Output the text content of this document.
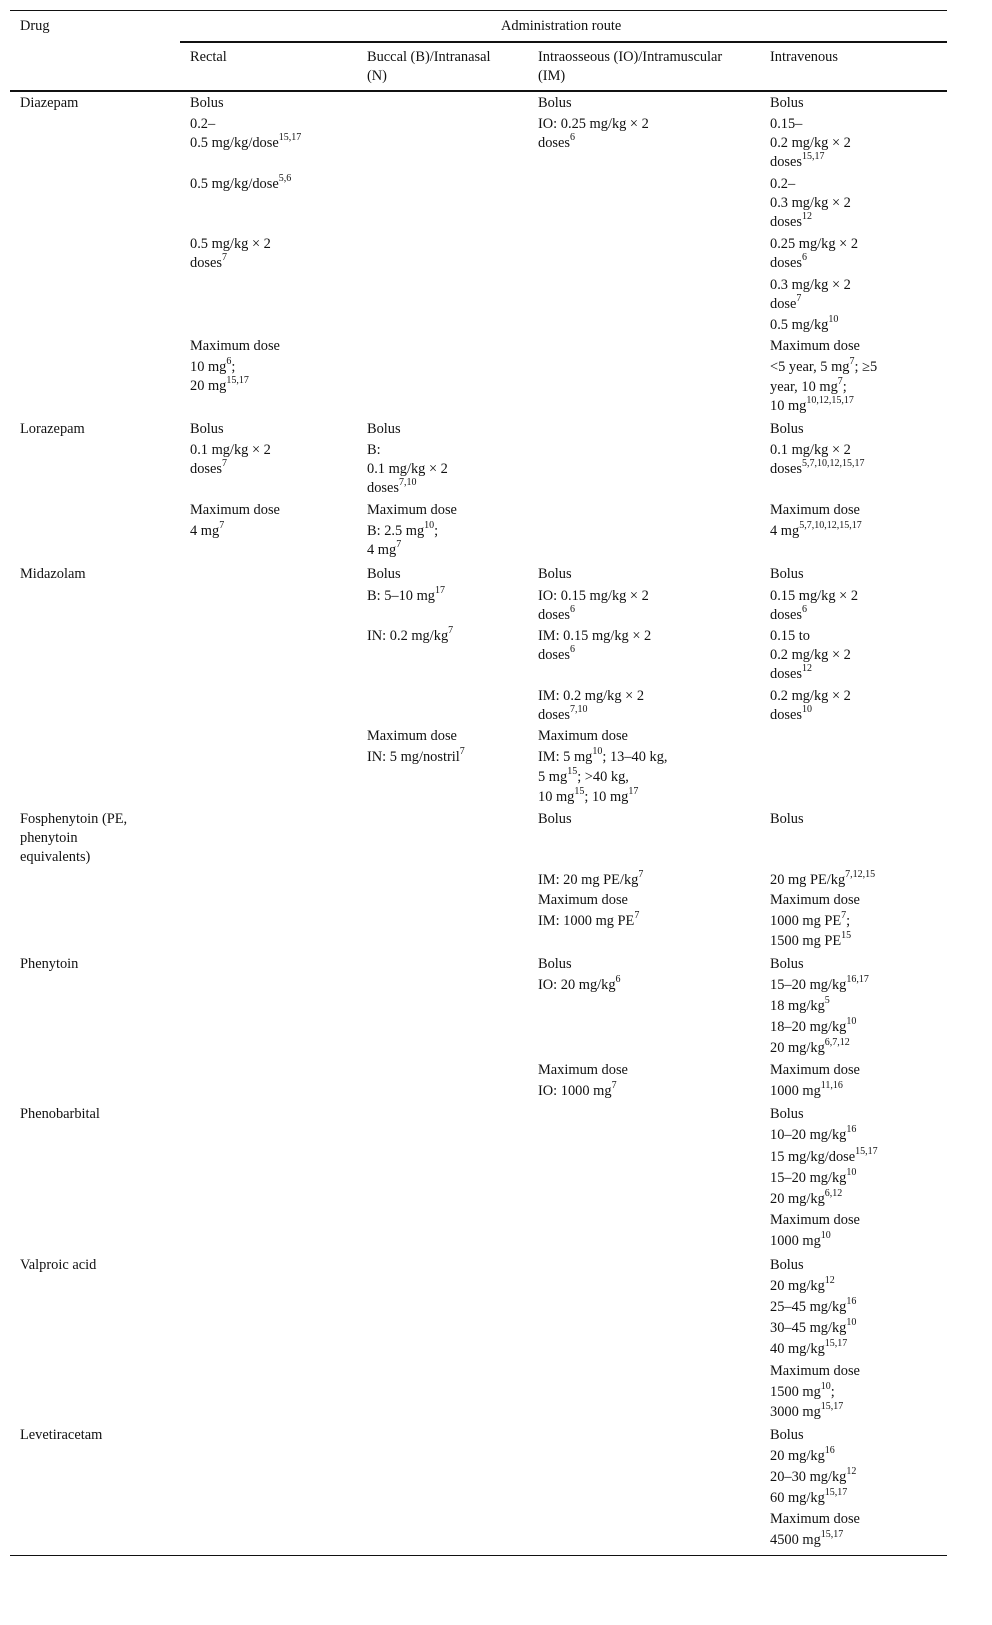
Drug	Administration route
Rectal	Buccal (B)/Intranasal
(N)
Intraosseous (IO)/Intramuscular
(IM)
Intravenous
Diazepam
Lorazepam
Midazolam
Fosphenytoin (PE,
phenytoin
equivalents)
Phenytoin
Phenobarbital
Valproic acid
Levetiracetam
Bolus
0.2–
0.5 mg/kg/dose$^{15,17}$
0.5 mg/kg/dose$^{5,6}$
0.5 mg/kg × 2
doses$^7$
Maximum dose
10 $mg^6$;
20 mg$^{15,17}$
Bolus
IO: 0.25 mg/kg × 2
doses$^6$
Bolus
0.15–
0.2 mg/kg × 2
doses$^{15,17}$
0.2–
0.3 mg/kg × 2
doses$^{12}$
0.25 mg/kg × 2
doses$^6$
0.3 mg/kg × 2
dose$^7$
0.5 $mg/kg^{10}$
Maximum dose
<5 year, 5 $mg^7$; ≥5
year, 10 $mg^7$;
10 mg$^{10,12,15,17}$
Bolus
0.1 mg/kg × 2
doses$^7$
Maximum dose
4 $mg^7$
Bolus
B:
0.1 mg/kg × 2
doses$^{7,10}$
Maximum dose
B: 2.5 $mg^{10}$;
4 $mg^7$
Bolus
0.1 mg/kg × 2
doses$^{5,7,10,12,15,17}$
Maximum dose
4 mg$^{5,7,10,12,15,17}$
Bolus
B: 5–10 $mg^{17}$
IN: 0.2 $mg/kg^7$
Maximum dose
IN: 5 mg/nostril$^7$
Bolus
IO: 0.15 mg/kg × 2
doses$^6$
IM: 0.15 mg/kg × 2
doses$^6$
IM: 0.2 mg/kg × 2
doses$^{7,10}$
Maximum dose
IM: 5 $mg^{10}$; 13–40 kg,
5 $mg^{15}$; >40 kg,
10 $mg^{15}$; 10 $mg^{17}$
Bolus
0.15 mg/kg × 2
doses$^6$
0.15 to
0.2 mg/kg × 2
doses$^{12}$
0.2 mg/kg × 2
doses$^{10}$
Bolus
IM: 20 mg $PE/kg^7$
Maximum dose
IM: 1000 mg $PE^7$
Bolus
20 mg PE/kg$^{7,12,15}$
Maximum dose
1000 mg $PE^7$;
1500 mg PE$^{15}$
Bolus
IO: 20 $mg/kg^6$
Maximum dose
IO: 1000 $mg^7$
Bolus
15–20 mg/kg$^{16,17}$
18 $mg/kg^5$
18–20 $mg/kg^{10}$
20 mg/kg$^{6,7,12}$
Maximum dose
1000 mg$^{11,16}$
Bolus
10–20 $mg/kg^{16}$
15 mg/kg/dose$^{15,17}$
15–20 $mg/kg^{10}$
20 mg/kg$^{6,12}$
Maximum dose
1000 $mg^{10}$
Bolus
20 $mg/kg^{12}$
25–45 $mg/kg^{16}$
30–45 $mg/kg^{10}$
40 mg/kg$^{15,17}$
Maximum dose
1500 $mg^{10}$;
3000 mg$^{15,17}$
Bolus
20 $mg/kg^{16}$
20–30 $mg/kg^{12}$
60 mg/kg$^{15,17}$
Maximum dose
4500 mg$^{15,17}$
